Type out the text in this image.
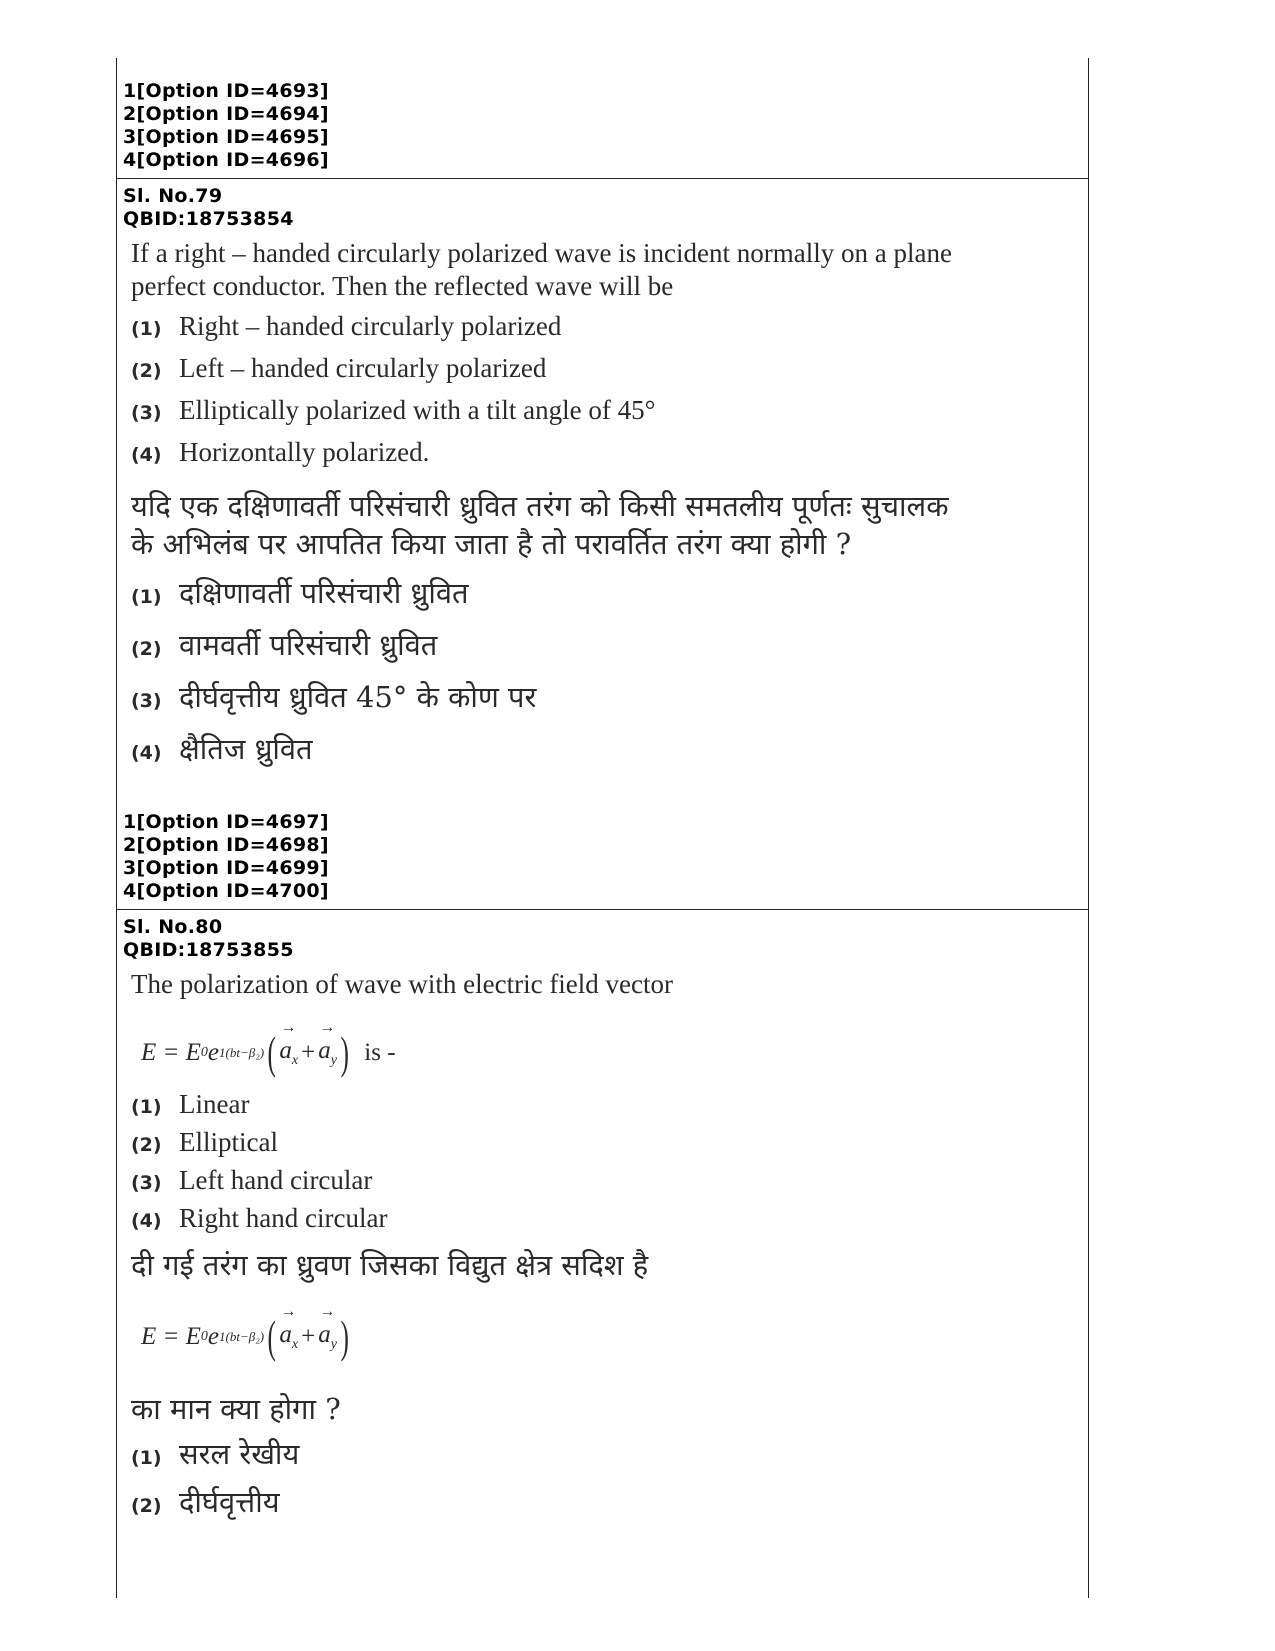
1[Option ID=4693]
2[Option ID=4694]
3[Option ID=4695]
4[Option ID=4696]
Sl. No.79
QBID:18753854
If a right – handed circularly polarized wave is incident normally on a plane perfect conductor. Then the reflected wave will be
(1) Right – handed circularly polarized
(2) Left – handed circularly polarized
(3) Elliptically polarized with a tilt angle of 45°
(4) Horizontally polarized.
यदि एक दक्षिणावर्ती परिसंचारी ध्रुवित तरंग को किसी समतलीय पूर्णतः सुचालक के अभिलंब पर आपतित किया जाता है तो परावर्तित तरंग क्या होगी ?
(1) दक्षिणावर्ती परिसंचारी ध्रुवित
(2) वामवर्ती परिसंचारी ध्रुवित
(3) दीर्घवृत्तीय ध्रुवित 45° के कोण पर
(4) क्षैतिज ध्रुवित
1[Option ID=4697]
2[Option ID=4698]
3[Option ID=4699]
4[Option ID=4700]
Sl. No.80
QBID:18753855
The polarization of wave with electric field vector
E = E 0 e 1(bt−β₂) ( → $a_x$ + → $a_y$ ) is -
(1) Linear
(2) Elliptical
(3) Left hand circular
(4) Right hand circular
दी गई तरंग का ध्रुवण जिसका विद्युत क्षेत्र सदिश है
E = E 0 e 1(bt−β₂) ( → $a_x$ + → $a_y$ )
का मान क्या होगा ?
(1) सरल रेखीय
(2) दीर्घवृत्तीय
